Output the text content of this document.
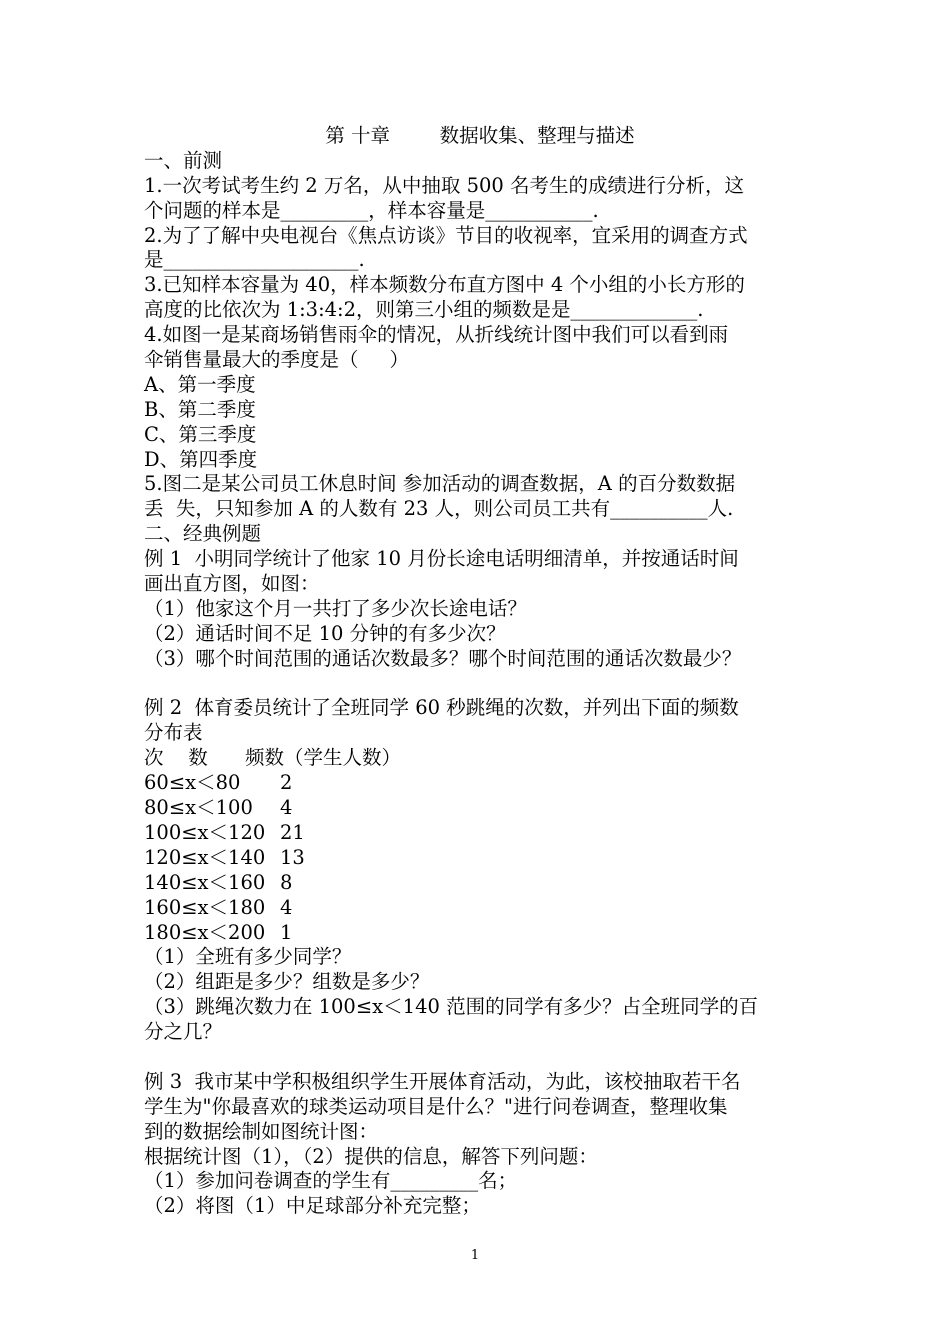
第 十章        数据收集、整理与描述
一、前测
1.一次考试考生约 2 万名，从中抽取 500 名考生的成绩进行分析，这
个问题的样本是_________，样本容量是___________.
2.为了了解中央电视台《焦点访谈》节目的收视率，宜采用的调查方式
是____________________.
3.已知样本容量为 40，样本频数分布直方图中 4 个小组的小长方形的
高度的比依次为 1:3:4:2，则第三小组的频数是是_____________.
4.如图一是某商场销售雨伞的情况，从折线统计图中我们可以看到雨
伞销售量最大的季度是（     ）
A、第一季度
B、第二季度
C、第三季度
D、第四季度
5.图二是某公司员工休息时间 参加活动的调查数据，A 的百分数数据
丢  失，只知参加 A 的人数有 23 人，则公司员工共有__________人.
二、经典例题
例 1  小明同学统计了他家 10 月份长途电话明细清单，并按通话时间
画出直方图，如图：
（1）他家这个月一共打了多少次长途电话？
（2）通话时间不足 10 分钟的有多少次？
（3）哪个时间范围的通话次数最多？哪个时间范围的通话次数最少？
例 2  体育委员统计了全班同学 60 秒跳绳的次数，并列出下面的频数
分布表
次    数      频数（学生人数）
60≤x＜80	2
80≤x＜100	4
100≤x＜120 21
120≤x＜140 13
140≤x＜160 8
160≤x＜180 4
180≤x＜200 1
（1）全班有多少同学？
（2）组距是多少？组数是多少？
（3）跳绳次数力在 100≤x＜140 范围的同学有多少？占全班同学的百
分之几？
例 3  我市某中学积极组织学生开展体育活动，为此，该校抽取若干名
学生为"你最喜欢的球类运动项目是什么？"进行问卷调查，整理收集
到的数据绘制如图统计图：
根据统计图（1），（2）提供的信息，解答下列问题：
（1）参加问卷调查的学生有_________名；
（2）将图（1）中足球部分补充完整；
1
